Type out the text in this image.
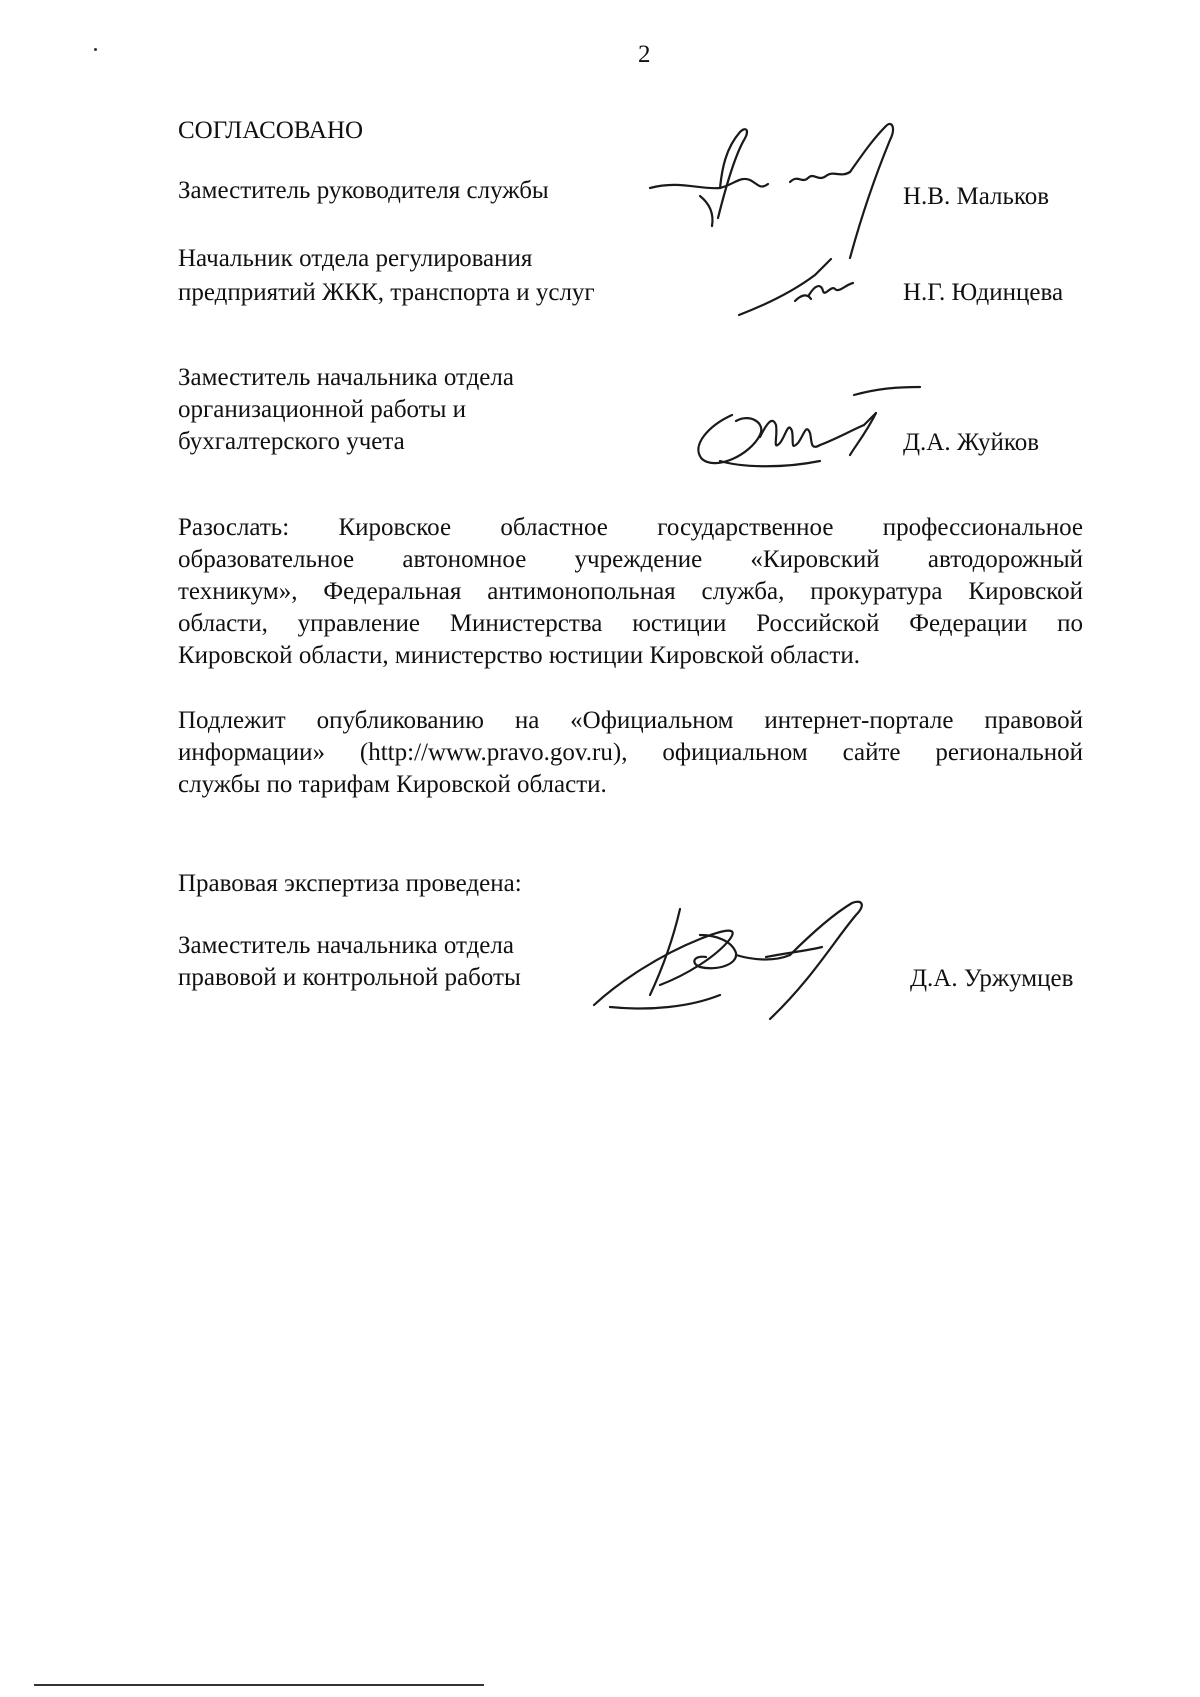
2
СОГЛАСОВАНО
Заместитель руководителя службы	Н.В. Мальков
Начальник отдела регулирования
предприятий ЖКК, транспорта и услуг	Н.Г. Юдинцева
Заместитель начальника отдела
организационной работы и
бухгалтерского учета	Д.А. Жуйков
Разослать: Кировское областное государственное профессиональное
образовательное автономное учреждение «Кировский автодорожный
техникум», Федеральная антимонопольная служба, прокуратура Кировской
области, управление Министерства юстиции Российской Федерации по
Кировской области, министерство юстиции Кировской области.
Подлежит опубликованию на «Официальном интернет-портале правовой
информации» (http://www.pravo.gov.ru), официальном сайте региональной
службы по тарифам Кировской области.
Правовая экспертиза проведена:
Заместитель начальника отдела
правовой и контрольной работы	Д.А. Уржумцев
